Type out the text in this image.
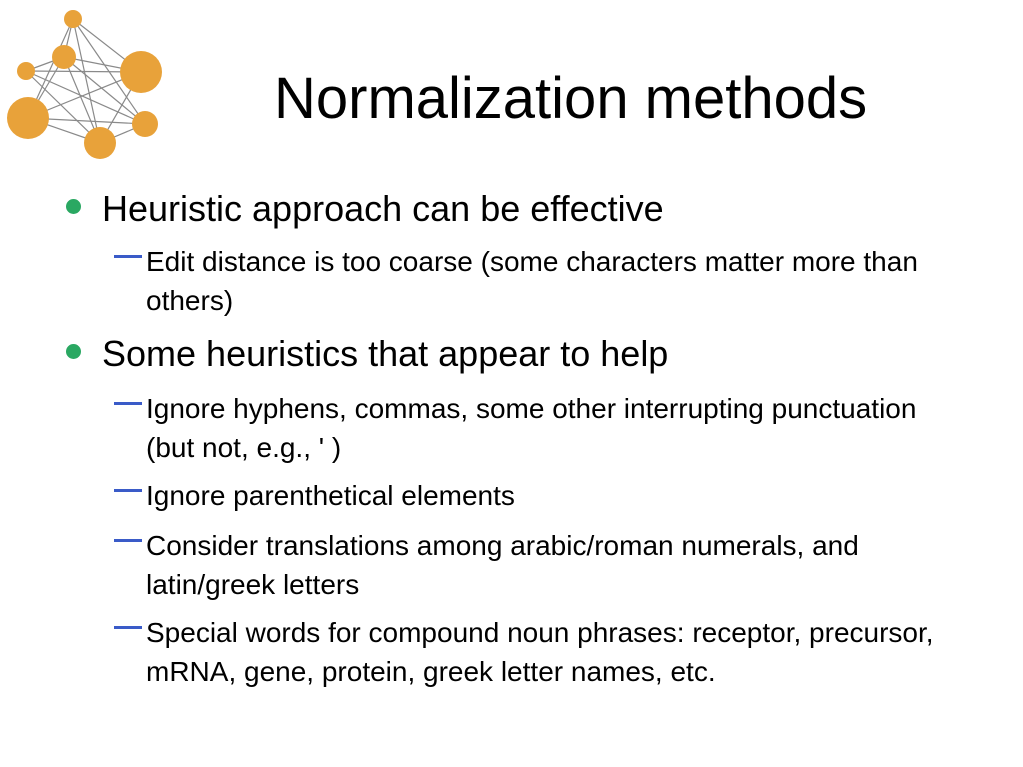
Normalization methods
Heuristic approach can be effective
Edit distance is too coarse (some characters matter more than others)
Some heuristics that appear to help
Ignore hyphens, commas, some other interrupting punctuation (but not, e.g., ' )
Ignore parenthetical elements
Consider translations among arabic/roman numerals, and latin/greek letters
Special words for compound noun phrases: receptor, precursor, mRNA, gene, protein, greek letter names, etc.
